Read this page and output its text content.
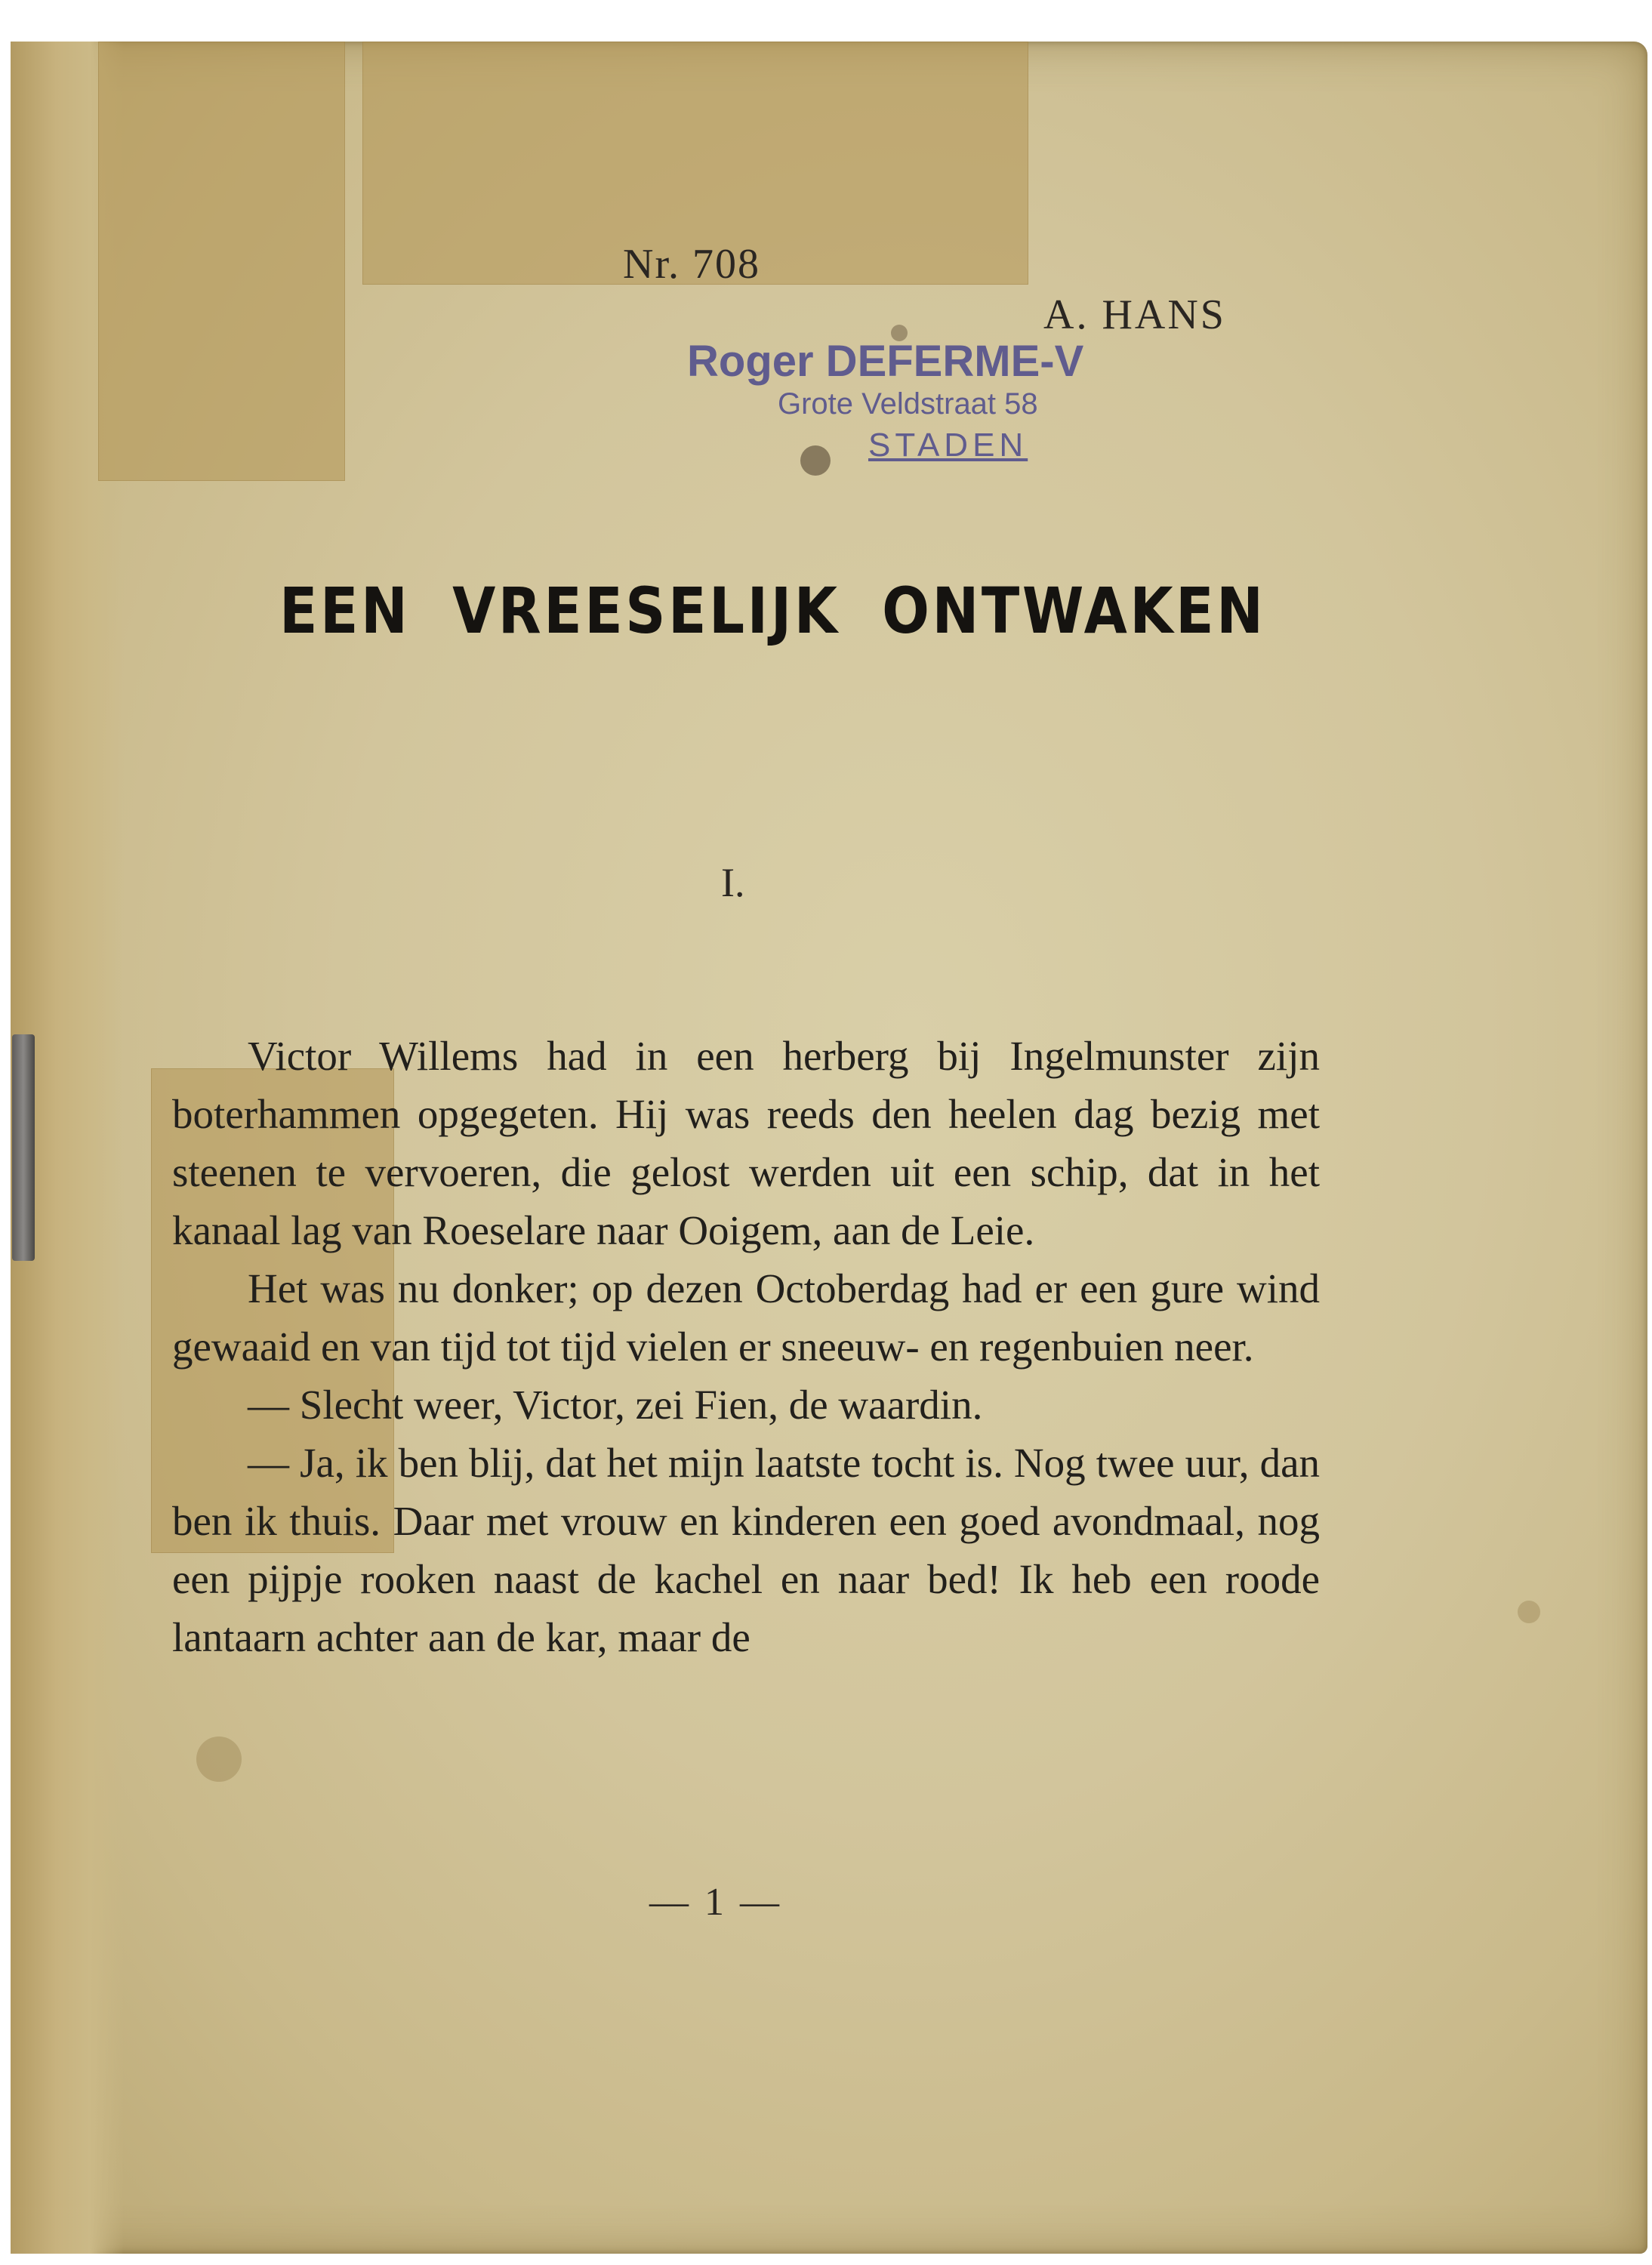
Nr. 708
A. HANS
Roger DEFERME-V
Grote Veldstraat 58
STADEN
EEN VREESELIJK ONTWAKEN
I.

Victor Willems had in een herberg bij Ingelmunster zijn boterhammen opgegeten. Hij was reeds den heelen dag bezig met steenen te vervoeren, die gelost werden uit een schip, dat in het kanaal lag van Roeselare naar Ooigem, aan de Leie.

Het was nu donker; op dezen Octoberdag had er een gure wind gewaaid en van tijd tot tijd vielen er sneeuw- en regenbuien neer.

— Slecht weer, Victor, zei Fien, de waardin.

— Ja, ik ben blij, dat het mijn laatste tocht is. Nog twee uur, dan ben ik thuis. Daar met vrouw en kinderen een goed avondmaal, nog een pijpje rooken naast de kachel en naar bed! Ik heb een roode lantaarn achter aan de kar, maar de

— 1 —
